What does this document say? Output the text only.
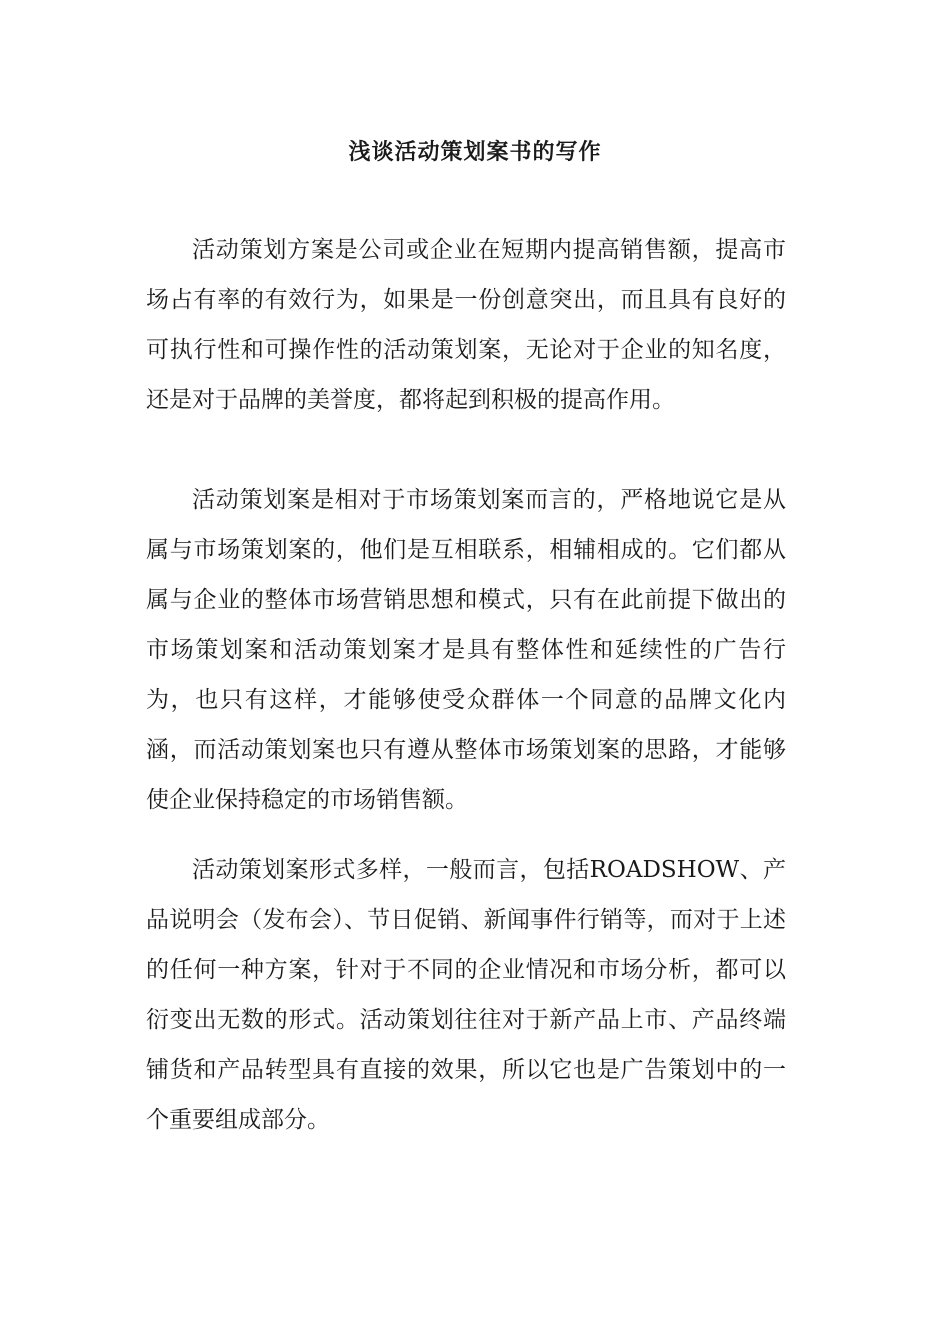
浅谈活动策划案书的写作

活动策划方案是公司或企业在短期内提高销售额，提高市场占有率的有效行为，如果是一份创意突出，而且具有良好的可执行性和可操作性的活动策划案，无论对于企业的知名度，还是对于品牌的美誉度，都将起到积极的提高作用。

活动策划案是相对于市场策划案而言的，严格地说它是从属与市场策划案的，他们是互相联系，相辅相成的。它们都从属与企业的整体市场营销思想和模式，只有在此前提下做出的市场策划案和活动策划案才是具有整体性和延续性的广告行为，也只有这样，才能够使受众群体一个同意的品牌文化内涵，而活动策划案也只有遵从整体市场策划案的思路，才能够使企业保持稳定的市场销售额。

活动策划案形式多样，一般而言，包括ROADSHOW、产品说明会（发布会）、节日促销、新闻事件行销等，而对于上述的任何一种方案，针对于不同的企业情况和市场分析，都可以衍变出无数的形式。活动策划往往对于新产品上市、产品终端铺货和产品转型具有直接的效果，所以它也是广告策划中的一个重要组成部分。
